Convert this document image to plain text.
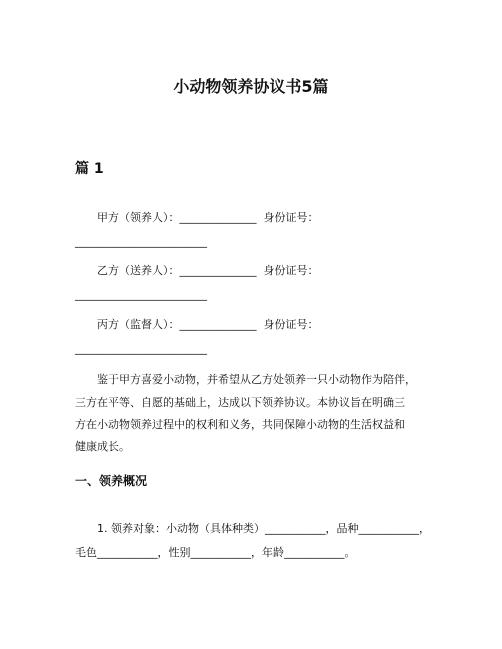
小动物领养协议书5篇
篇 1
甲方（领养人）：______________ 身份证号：
________________________
乙方（送养人）：______________ 身份证号：
________________________
丙方（监督人）：______________ 身份证号：
________________________
鉴于甲方喜爱小动物，并希望从乙方处领养一只小动物作为陪伴，
三方在平等、自愿的基础上，达成以下领养协议。本协议旨在明确三
方在小动物领养过程中的权利和义务，共同保障小动物的生活权益和
健康成长。
一、领养概况
1. 领养对象：小动物（具体种类）___________，品种___________，
毛色___________，性别___________，年龄___________。
